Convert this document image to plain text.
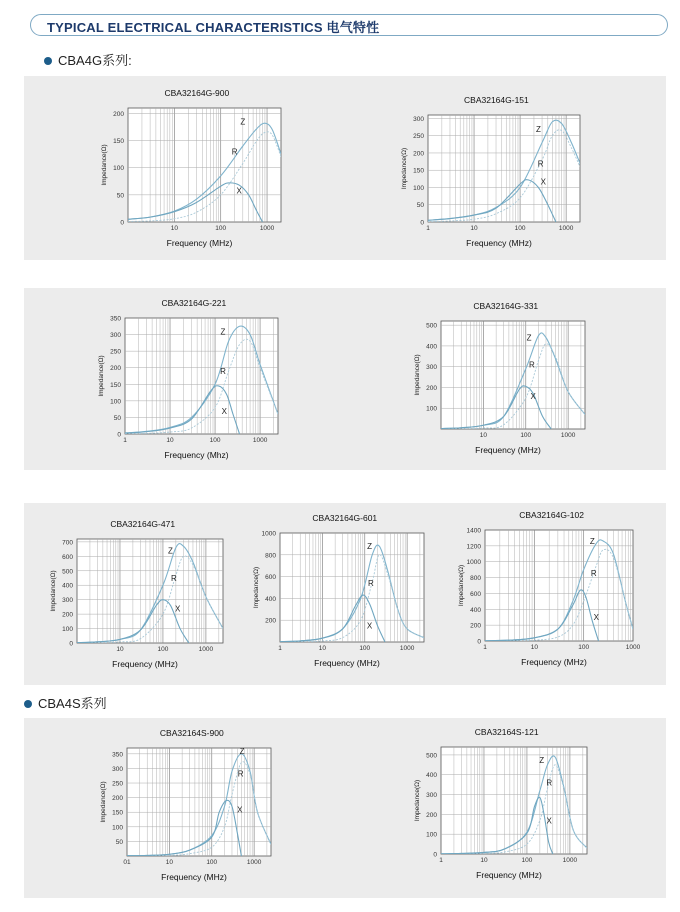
TYPICAL ELECTRICAL CHARACTERISTICS 电气特性
CBA4G系列:
CBA4S系列
0
50
100
150
200
10	100	1000
CBA32164G-900
Frequency (MHz)
Impedance(Ω)
Z
R
X
0
50
100
150
200
250
300
1	10	100	1000
CBA32164G-151
Frequency (MHz)
Impedance(Ω)
Z
R
X
0
50
100
150
200
250
300
350
1	10	100	1000
CBA32164G-221
Frequency (Mhz)
Impedance(Ω)
Z
R
X	100
200
300
400
500
10	100	1000
CBA32164G-331
Frequency (MHz)
Impedance(Ω)
Z
R
X
0
100
200
300
400
500
600
700
10	100	1000
CBA32164G-471
Frequency (MHz)
Impedance(Ω)
Z
R
X
200
400
600
800
1000
1	10	100	1000
CBA32164G-601
Frequency (MHz)
Impedance(Ω)
Z
R
X
0
200
400
600
800
1000
1200
1400
1	10	100	1000
CBA32164G-102
Frequency (MHz)
Impedance(Ω)
Z
R
X
50
100
150
200
250
300
350
01	10	100	1000
CBA32164S-900
Frequency (MHz)
Impedance(Ω)
Z
R
X
0
100
200
300
400
500
1	10	100	1000
CBA32164S-121
Frequency (MHz)
Impedance(Ω)
Z
R
X
